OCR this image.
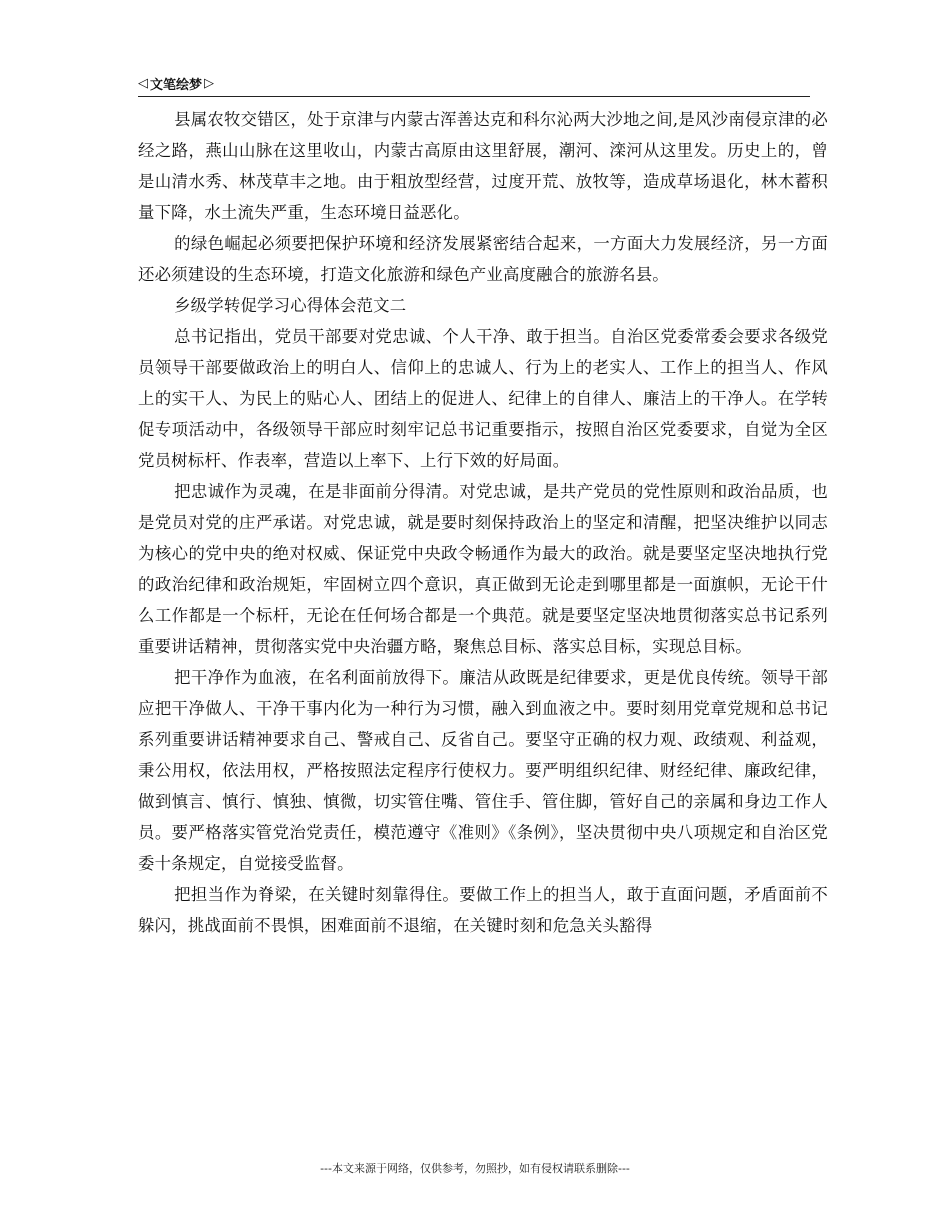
◁ 文笔绘梦 ▷

县属农牧交错区，处于京津与内蒙古浑善达克和科尔沁两大沙地之间,是风沙南侵京津的必经之路，燕山山脉在这里收山，内蒙古高原由这里舒展，潮河、滦河从这里发。历史上的，曾是山清水秀、林茂草丰之地。由于粗放型经营，过度开荒、放牧等，造成草场退化，林木蓄积量下降，水土流失严重，生态环境日益恶化。

的绿色崛起必须要把保护环境和经济发展紧密结合起来，一方面大力发展经济，另一方面还必须建设的生态环境，打造文化旅游和绿色产业高度融合的旅游名县。

乡级学转促学习心得体会范文二

总书记指出，党员干部要对党忠诚、个人干净、敢于担当。自治区党委常委会要求各级党员领导干部要做政治上的明白人、信仰上的忠诚人、行为上的老实人、工作上的担当人、作风上的实干人、为民上的贴心人、团结上的促进人、纪律上的自律人、廉洁上的干净人。在学转促专项活动中，各级领导干部应时刻牢记总书记重要指示，按照自治区党委要求，自觉为全区党员树标杆、作表率，营造以上率下、上行下效的好局面。

把忠诚作为灵魂，在是非面前分得清。对党忠诚，是共产党员的党性原则和政治品质，也是党员对党的庄严承诺。对党忠诚，就是要时刻保持政治上的坚定和清醒，把坚决维护以同志为核心的党中央的绝对权威、保证党中央政令畅通作为最大的政治。就是要坚定坚决地执行党的政治纪律和政治规矩，牢固树立四个意识，真正做到无论走到哪里都是一面旗帜，无论干什么工作都是一个标杆，无论在任何场合都是一个典范。就是要坚定坚决地贯彻落实总书记系列重要讲话精神，贯彻落实党中央治疆方略，聚焦总目标、落实总目标，实现总目标。

把干净作为血液，在名利面前放得下。廉洁从政既是纪律要求，更是优良传统。领导干部应把干净做人、干净干事内化为一种行为习惯，融入到血液之中。要时刻用党章党规和总书记系列重要讲话精神要求自己、警戒自己、反省自己。要坚守正确的权力观、政绩观、利益观，秉公用权，依法用权，严格按照法定程序行使权力。要严明组织纪律、财经纪律、廉政纪律，做到慎言、慎行、慎独、慎微，切实管住嘴、管住手、管住脚，管好自己的亲属和身边工作人员。要严格落实管党治党责任，模范遵守《准则》《条例》，坚决贯彻中央八项规定和自治区党委十条规定，自觉接受监督。

把担当作为脊梁，在关键时刻靠得住。要做工作上的担当人，敢于直面问题，矛盾面前不躲闪，挑战面前不畏惧，困难面前不退缩，在关键时刻和危急关头豁得

---本文来源于网络，仅供参考，勿照抄，如有侵权请联系删除---
